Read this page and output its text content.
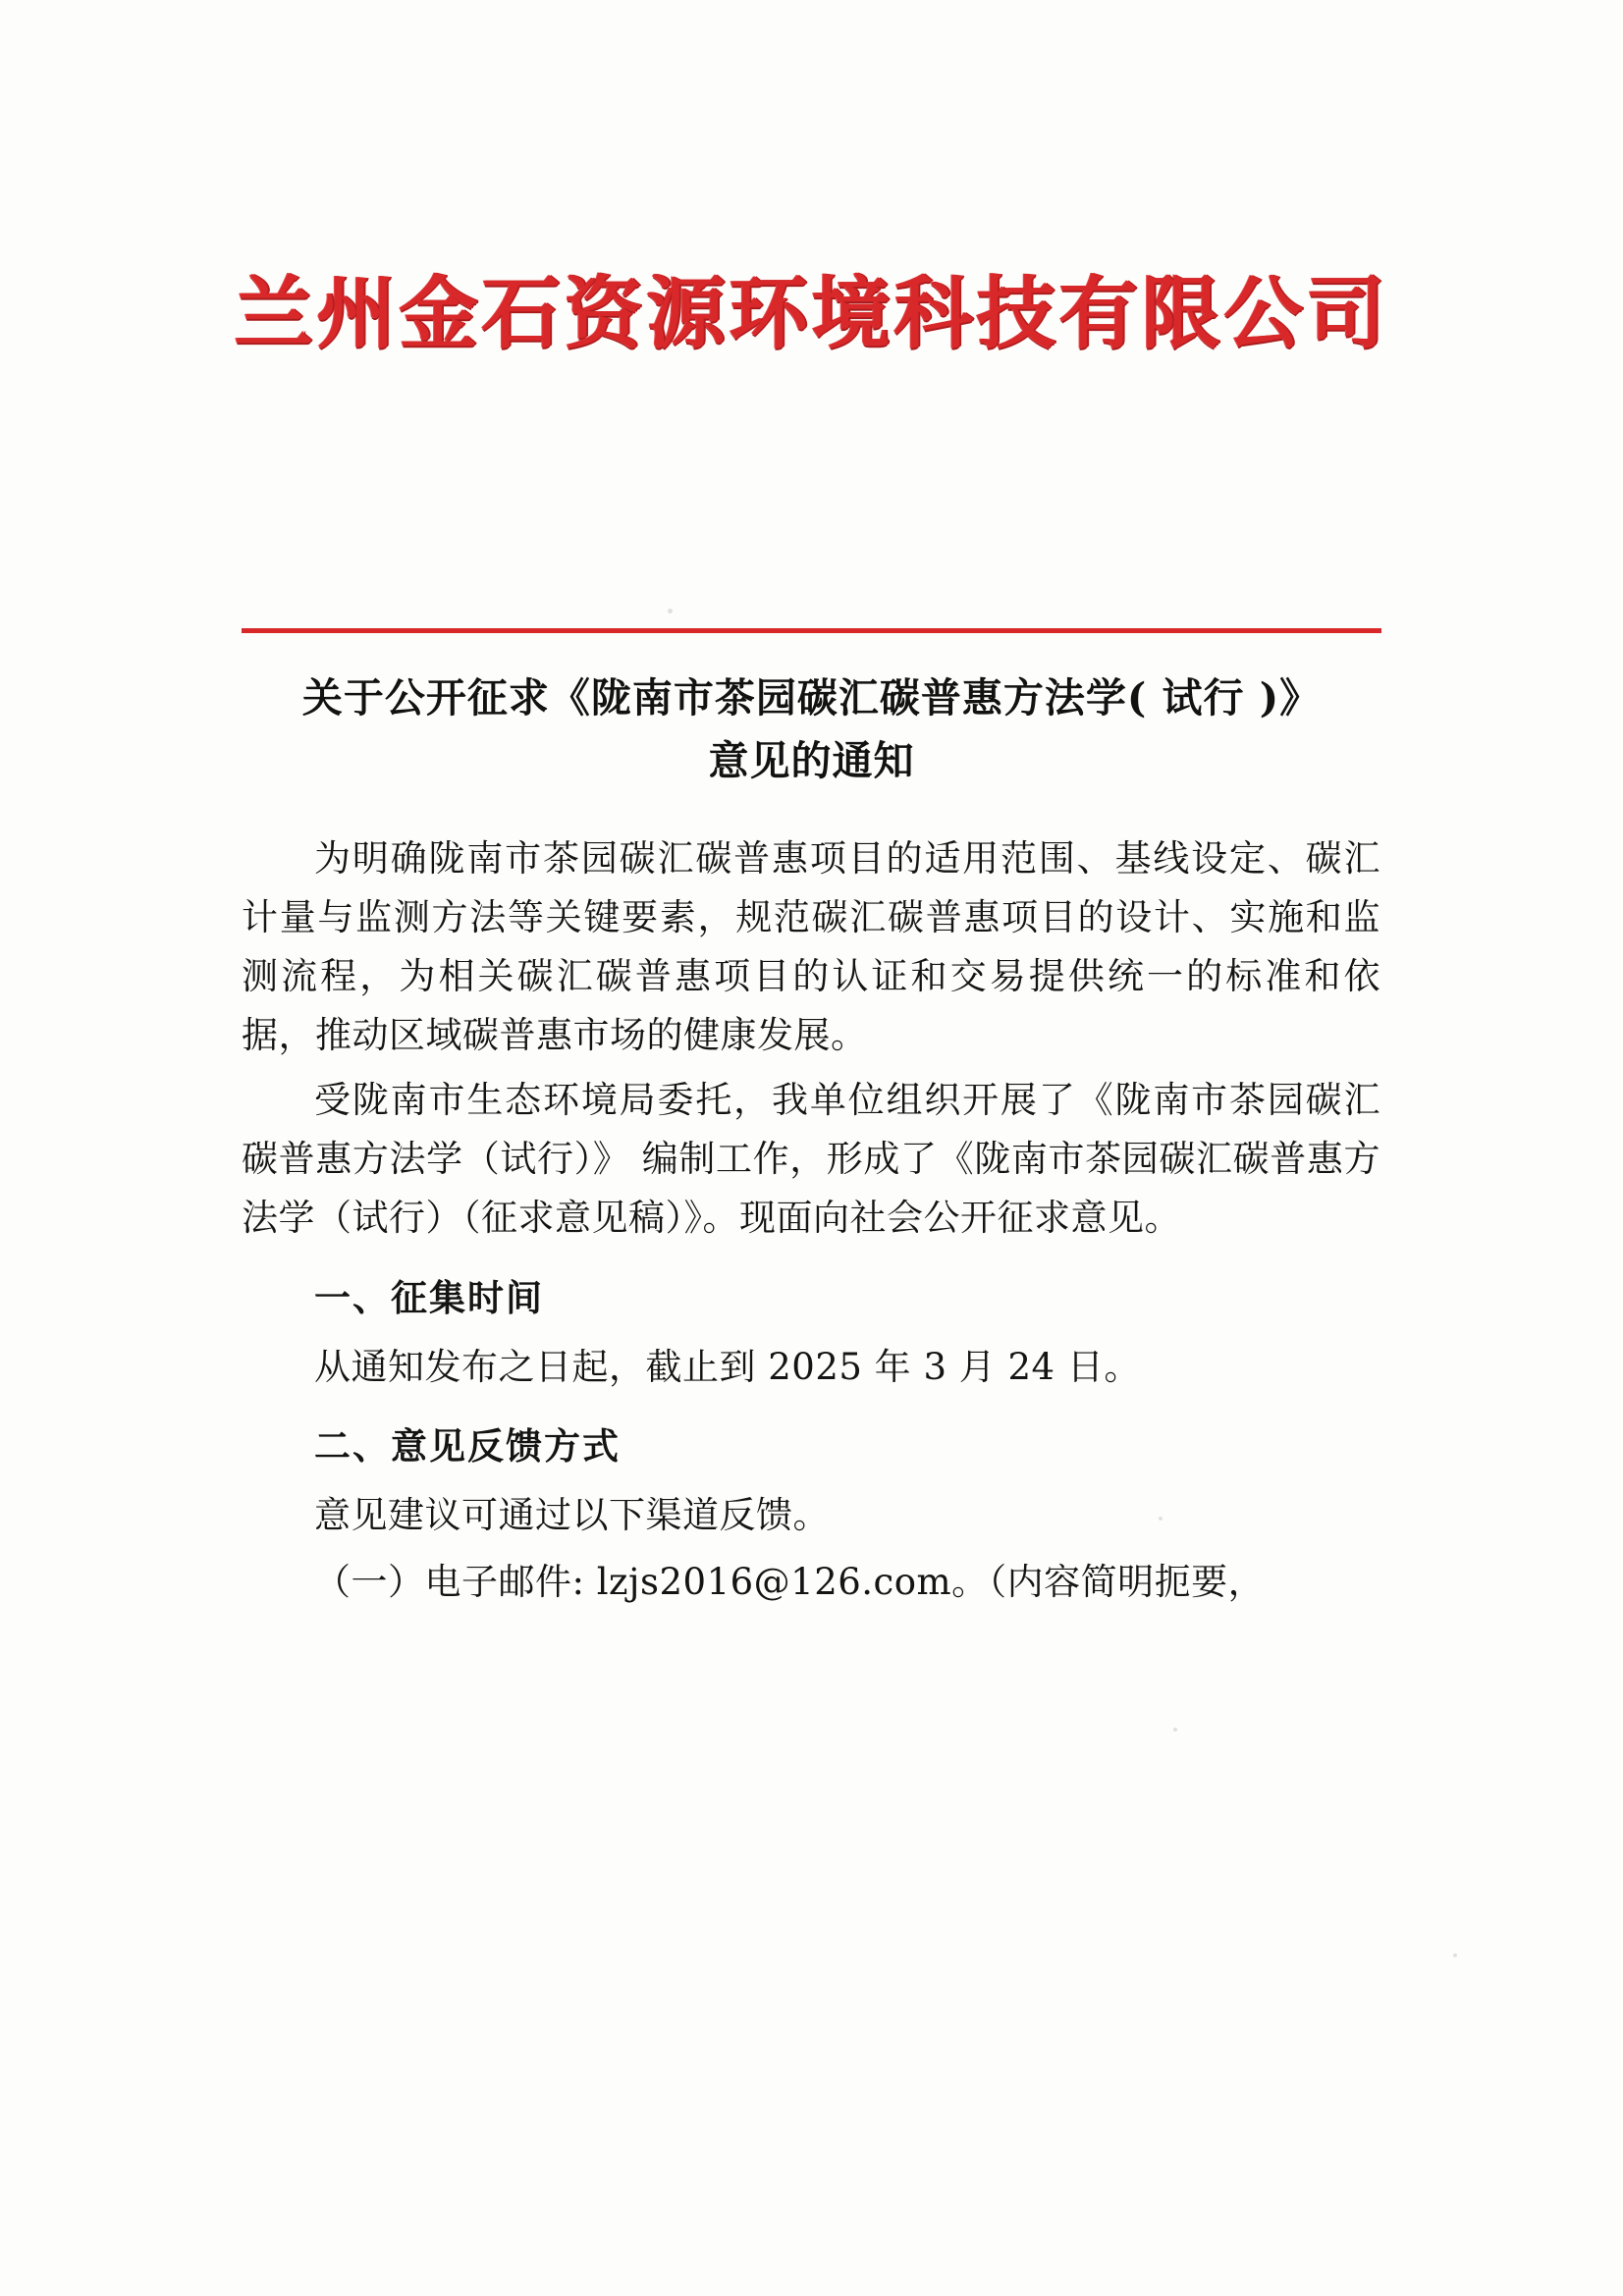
兰州金石资源环境科技有限公司
关于公开征求《陇南市茶园碳汇碳普惠方法学( 试行 )》
意见的通知

为明确陇南市茶园碳汇碳普惠项目的适用范围、基线设定、碳汇计量与监测方法等关键要素，规范碳汇碳普惠项目的设计、实施和监测流程，为相关碳汇碳普惠项目的认证和交易提供统一的标准和依据，推动区域碳普惠市场的健康发展。

受陇南市生态环境局委托，我单位组织开展了《陇南市茶园碳汇碳普惠方法学（试行）》 编制工作，形成了《陇南市茶园碳汇碳普惠方法学（试行）（征求意见稿）》。现面向社会公开征求意见。

一、征集时间

从通知发布之日起，截止到 2025 年 3 月 24 日。

二、意见反馈方式

意见建议可通过以下渠道反馈。

（一）电子邮件: lzjs2016@126.com。（内容简明扼要，
